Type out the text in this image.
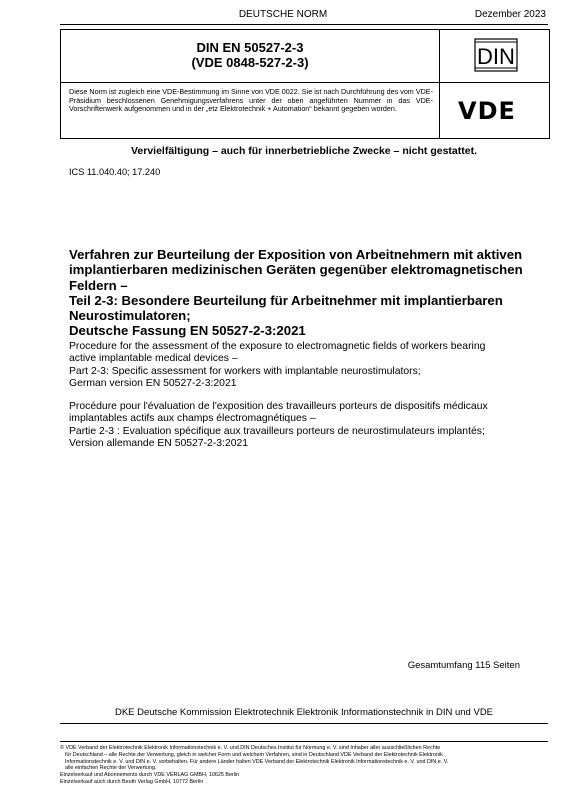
DEUTSCHE NORM	Dezember 2023
DIN EN 50527-2-3
(VDE 0848-527-2-3)	DIN
Diese Norm ist zugleich eine VDE-Bestimmung im Sinne von VDE 0022. Sie ist nach Durchführung des vom VDE-Präsidium beschlossenen Genehmigungsverfahrens unter der oben angeführten Nummer in das VDE-Vorschriftenwerk aufgenommen und in der „etz Elektrotechnik + Automation“ bekannt gegeben worden.	VDE
Vervielfältigung – auch für innerbetriebliche Zwecke – nicht gestattet.
ICS 11.040.40; 17.240
Verfahren zur Beurteilung der Exposition von Arbeitnehmern mit aktiven
implantierbaren medizinischen Geräten gegenüber elektromagnetischen
Feldern –
Teil 2-3: Besondere Beurteilung für Arbeitnehmer mit implantierbaren
Neurostimulatoren;
Deutsche Fassung EN 50527-2-3:2021
Procedure for the assessment of the exposure to electromagnetic fields of workers bearing
active implantable medical devices –
Part 2-3: Specific assessment for workers with implantable neurostimulators;
German version EN 50527-2-3:2021
Procédure pour l'évaluation de l'exposition des travailleurs porteurs de dispositifs médicaux
implantables actifs aux champs électromagnétiques –
Partie 2-3 : Evaluation spécifique aux travailleurs porteurs de neurostimulateurs implantés;
Version allemande EN 50527-2-3:2021
Gesamtumfang 115 Seiten
DKE Deutsche Kommission Elektrotechnik Elektronik Informationstechnik in DIN und VDE

© VDE Verband der Elektrotechnik Elektronik Informationstechnik e. V. und DIN Deutsches Institut für Normung e. V. sind Inhaber aller ausschließlichen Rechte

für Deutschland – alle Rechte der Verwertung, gleich in welcher Form und welchem Verfahren, sind in Deutschland VDE Verband der Elektrotechnik Elektronik

Informationstechnik e. V. und DIN e. V. vorbehalten. Für andere Länder halten VDE Verband der Elektrotechnik Elektronik Informationstechnik e. V. und DIN e. V.

alle einfachen Rechte der Verwertung.

Einzelverkauf und Abonnements durch VDE VERLAG GMBH, 10625 Berlin

Einzelverkauf auch durch Beuth Verlag GmbH, 10772 Berlin
